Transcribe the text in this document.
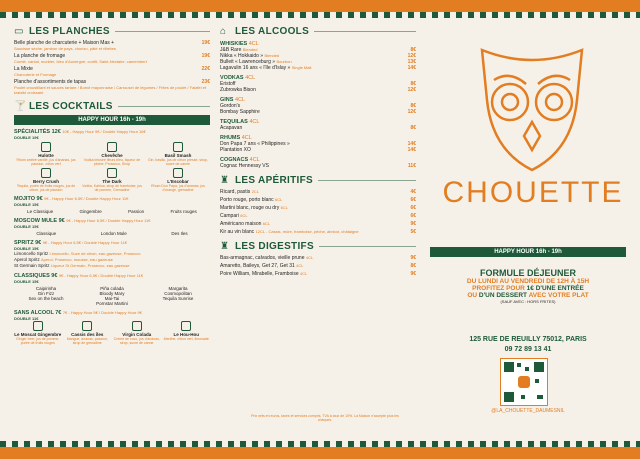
▭ LES PLANCHES
Belle planche de charcuterie + Maison Mas +	19€
Saucisse sèche, jambon de pays, chorizo, pâté et rillettes
La planche de fromage	19€
Comté, cantal, morbier, bleu d'Auvergne, confit, Saint-Nectaire, camembert
La Mixte	22€
Charcuterie et Fromage
Planche d'assortiments de tapas	23€
Poulet croustillant et sauces tartare / Boeuf mayonnaise / Carrousel de légumes / Frites de poulet / Falafel et tzatziki croissant
🍸 LES COCKTAILS
HAPPY HOUR 16h - 19h
SPÉCIALITÉS 12€ 10€ - Happy Hour 9€ / Double Happy Hour 16€
DOUBLE 19€
Hulotte
Rhum ambré vanillé, jus d'ananas, jus passion, citron vert
Chevêche
Vodka infusée fleurs bleu, liqueur de pêche, Prosecco, Sirop
Basil Smash
Gin, basilic, jus de citron pressé, sirop, sucre de canne
Berry Crush
Tequila, purée de fruits rouges, jus de citron, jus de passion
The Dark
Vodka, Kahlua, sirop de framboise, jus de pomme, Grenadine
L'Escobar
Rhum Don Papa, jus d'ananas, jus d'orange, grenadine
MOJITO 9€ 9€ - Happy Hour 6,5€ / Double Happy Hour 11€
DOUBLE 15€
Le Classique	Gingembre	Passion	Fruits rouges
MOSCOW MULE 9€ 9€ - Happy Hour 6,5€ / Double Happy Hour 11€
DOUBLE 15€
Classique	London Mule	Des Iles
SPRITZ 9€ 9€ - Happy Hour 6,5€ / Double Happy Hour 11€
DOUBLE 15€
Limoncello Spritz Limoncello, Suze de citron, eau gazeuse, Prosecco
Aperol Spritz Aperol, Prosecco, mousse, eau gazeuse
St Germain Spritz Liqueur St Germain, Prosecco, eau gazeuse
CLASSIQUES 9€ 9€ - Happy Hour 6,5€ / Double Happy Hour 11€
DOUBLE 15€
Caipirinha
Gin Fizz
Sex on the beach
Piña colada
Bloody Mary
Mai-Tai
Pornstar Martini
Margarita
Cosmopolitan
Tequila Sunrise
SANS ALCOOL 7€ 7€ - Happy Hour 5€ / Double Happy Hour 9€
DOUBLE 11€
Le Moscat Gingembre
Ginger beer, jus de pomme, purée de fruits rouges
Cassis des îles
Mangue, ananas, passion, sirop de grenadine
Virgin Colada
Crème de coco, jus d'ananas, sirop, sucre de canne
Le Hou-Hou
Menthe, citron vert, limonade
⌂ LES ALCOOLS
WHISKIES 4CL
J&B Rare Blended	8€
Nikka « Hokkaido » Blended	12€
Bulleit « Lawrenceburg » Bourbon	13€
Lagavulin 16 ans « l'Ile d'Islay » Single Malt	14€
VODKAS 4CL
Eristoff	8€
Zubrowka Bison	12€
GINS 4CL
Gordon's	8€
Bombay Sapphire	12€
TEQUILAS 4CL
Acapavan	8€
RHUMS 4CL
Don Papa 7 ans « Philippines »	14€
Plantation XO	14€
COGNACS 4CL
Cognac Hennessy VS	11€
♜ LES APÉRITIFS
Ricard, pastis 2CL	4€
Porto rouge, porto blanc 6CL	6€
Martini blanc, rouge ou dry 6CL	6€
Campari 6CL	6€
Américano maison 6CL	9€
Kir au vin blanc 12CL - Cassis, mûre, framboise, pêche, abricot, châtaigne	5€
♜ LES DIGESTIFS
Bas-armagnac, calvados, vieille prune 4CL	9€
Amaretto, Baileys, Get 27, Get 31 4CL	8€
Poire William, Mirabelle, Framboise 4CL	9€
Prix nets en euros, taxes et services compris. TVA à taux de 10%. La Maison n'accepte plus les chèques.
CHOUETTE
HAPPY HOUR 16h - 19h
FORMULE DÉJEUNER
DU LUNDI AU VENDREDI DE 12H À 15H
PROFITEZ POUR 1€ D'UNE ENTRÉE
OU D'UN DESSERT AVEC VOTRE PLAT
(SAUF AVEC : HORS FRITES)
125 RUE DE REUILLY 75012, PARIS
09 72 89 13 41
@LA_CHOUETTE_DAUMESNIL
